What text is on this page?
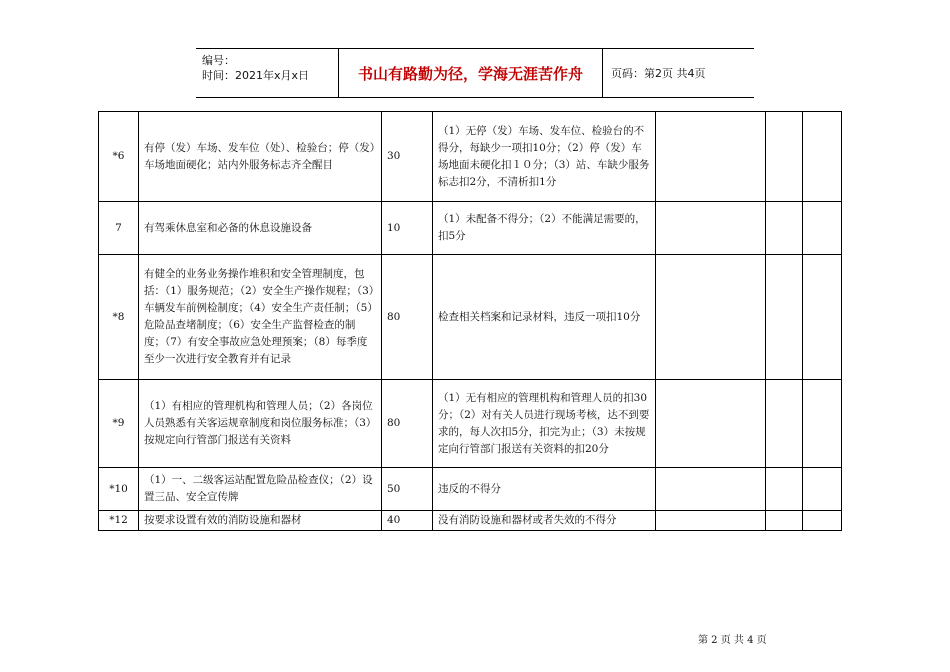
编号：
时间：2021年x月x日	书山有路勤为径，学海无涯苦作舟	页码：第2页 共4页
*6	有停（发）车场、发车位（处）、检验台；停（发）车场地面硬化；站内外服务标志齐全醒目	30	（1）无停（发）车场、发车位、检验台的不得分，每缺少一项扣10分；（2）停（发）车场地面未硬化扣１０分；（3）站、车缺少服务标志扣2分，不清析扣1分			
7	有驾乘休息室和必备的休息设施设备	10	（1）未配备不得分；（2）不能满足需要的，扣5分			
*8	有健全的业务业务操作堆积和安全管理制度，包括：（1）服务规范；（2）安全生产操作规程；（3）车辆发车前例检制度；（4）安全生产责任制；（5）危险品查堵制度；（6）安全生产监督检查的制度；（7）有安全事故应急处理预案；（8）每季度至少一次进行安全教育并有记录	80	检查相关档案和记录材料，违反一项扣10分			
*9	（1）有相应的管理机构和管理人员；（2）各岗位人员熟悉有关客运规章制度和岗位服务标准；（3）按规定向行管部门报送有关资料	80	（1）无有相应的管理机构和管理人员的扣30分；（2）对有关人员进行现场考核，达不到要求的，每人次扣5分，扣完为止；（3）未按规定向行管部门报送有关资料的扣20分			
*10	（1）一、二级客运站配置危险品检查仪；（2）设置三品、安全宣传牌	50	违反的不得分			
*12	按要求设置有效的消防设施和器材	40	没有消防设施和器材或者失效的不得分			
第 2 页 共 4 页
